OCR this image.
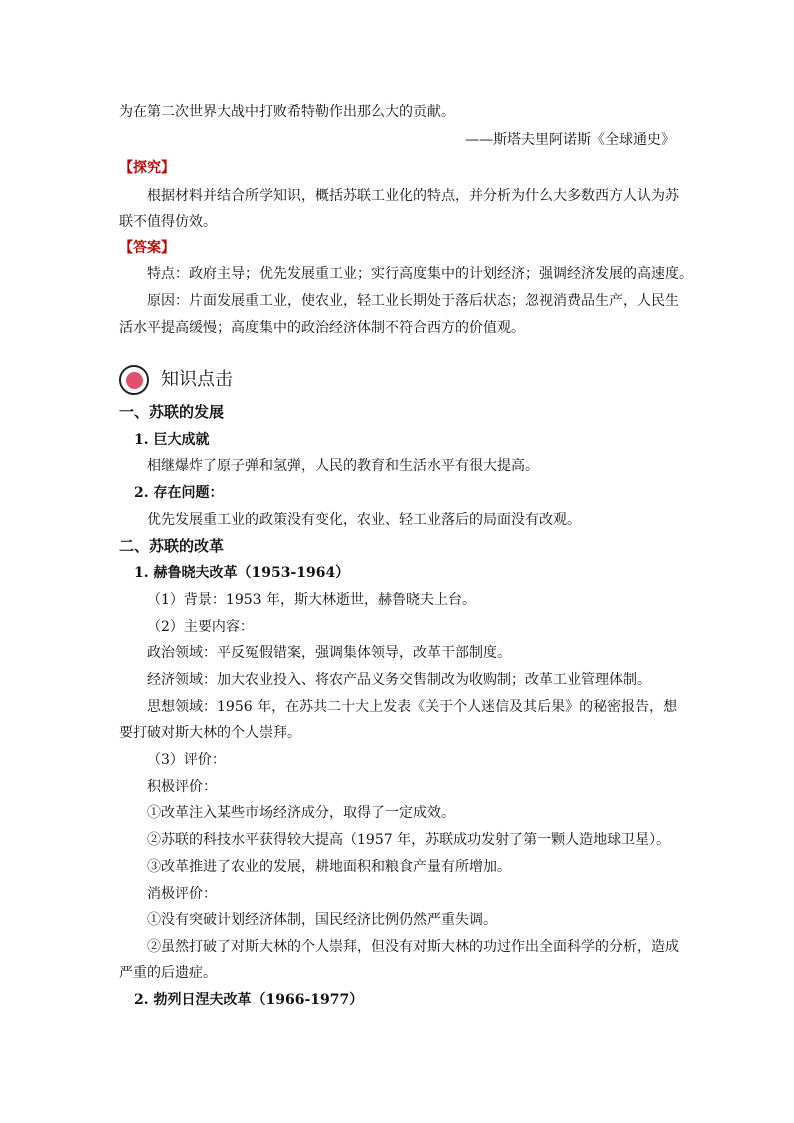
为在第二次世界大战中打败希特勒作出那么大的贡献。
——斯塔夫里阿诺斯《全球通史》
【探究】
根据材料并结合所学知识，概括苏联工业化的特点，并分析为什么大多数西方人认为苏
联不值得仿效。
【答案】
特点：政府主导；优先发展重工业；实行高度集中的计划经济；强调经济发展的高速度。
原因：片面发展重工业，使农业，轻工业长期处于落后状态；忽视消费品生产，人民生
活水平提高缓慢；高度集中的政治经济体制不符合西方的价值观。
知识点击
一、苏联的发展
1. 巨大成就
相继爆炸了原子弹和氢弹，人民的教育和生活水平有很大提高。
2. 存在问题：
优先发展重工业的政策没有变化，农业、轻工业落后的局面没有改观。
二、苏联的改革
1. 赫鲁晓夫改革（1953-1964）
（1）背景：1953 年，斯大林逝世，赫鲁晓夫上台。
（2）主要内容：
政治领域：平反冤假错案，强调集体领导，改革干部制度。
经济领域：加大农业投入、将农产品义务交售制改为收购制；改革工业管理体制。
思想领域：1956 年，在苏共二十大上发表《关于个人迷信及其后果》的秘密报告，想
要打破对斯大林的个人崇拜。
（3）评价：
积极评价：
①改革注入某些市场经济成分，取得了一定成效。
②苏联的科技水平获得较大提高（1957 年，苏联成功发射了第一颗人造地球卫星）。
③改革推进了农业的发展，耕地面积和粮食产量有所增加。
消极评价：
①没有突破计划经济体制，国民经济比例仍然严重失调。
②虽然打破了对斯大林的个人崇拜，但没有对斯大林的功过作出全面科学的分析，造成
严重的后遗症。
2. 勃列日涅夫改革（1966-1977）
